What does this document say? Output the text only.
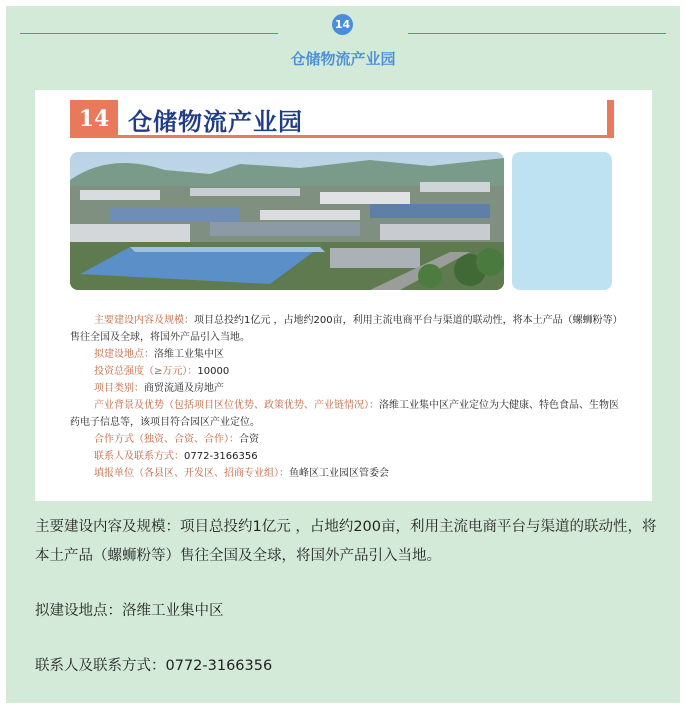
14
仓储物流产业园
14 仓储物流产业园
主要建设内容及规模：项目总投约1亿元 ，占地约200亩，利用主流电商平台与渠道的联动性，将本土产品（螺蛳粉等）售往全国及全球，将国外产品引入当地。
拟建设地点：洛维工业集中区
投资总强度（≥万元）：10000
项目类别：商贸流通及房地产
产业背景及优势（包括项目区位优势、政策优势、产业链情况）：洛维工业集中区产业定位为大健康、特色食品、生物医药电子信息等，该项目符合园区产业定位。
合作方式（独资、合资、合作）：合资
联系人及联系方式：0772-3166356
填报单位（各县区、开发区、招商专业组）：鱼峰区工业园区管委会
主要建设内容及规模：项目总投约1亿元 ，占地约200亩，利用主流电商平台与渠道的联动性，将本土产品（螺蛳粉等）售往全国及全球，将国外产品引入当地。
拟建设地点：洛维工业集中区
联系人及联系方式：0772-3166356
